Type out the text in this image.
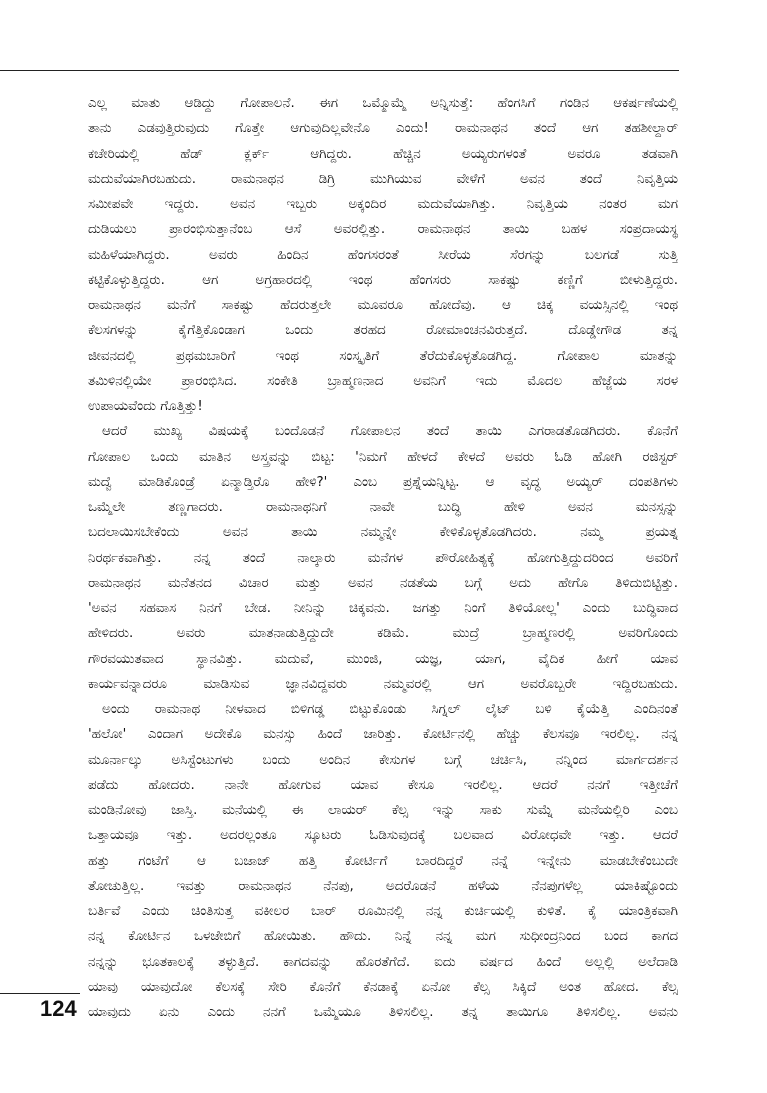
ಎಲ್ಲ ಮಾತು ಆಡಿದ್ದು ಗೋಪಾಲನೆ. ಈಗ ಒಮ್ಮೊಮ್ಮೆ ಅನ್ನಿಸುತ್ತೆ: ಹೆಂಗಸಿಗೆ ಗಂಡಿನ ಆಕರ್ಷಣೆಯಲ್ಲಿ
ತಾನು ಎಡವುತ್ತಿರುವುದು ಗೊತ್ತೇ ಆಗುವುದಿಲ್ಲವೇನೊ ಎಂದು! ರಾಮನಾಥನ ತಂದೆ ಆಗ ತಹಶೀಲ್ದಾರ್
ಕಚೇರಿಯಲ್ಲಿ ಹೆಡ್ ಕ್ಲರ್ಕ್ ಆಗಿದ್ದರು. ಹೆಚ್ಚಿನ ಅಯ್ಯರುಗಳಂತೆ ಅವರೂ ತಡವಾಗಿ
ಮದುವೆಯಾಗಿರಬಹುದು. ರಾಮನಾಥನ ಡಿಗ್ರಿ ಮುಗಿಯುವ ವೇಳೆಗೆ ಅವನ ತಂದೆ ನಿವೃತ್ತಿಯ
ಸಮೀಪವೇ ಇದ್ದರು. ಅವನ ಇಬ್ಬರು ಅಕ್ಕಂದಿರ ಮದುವೆಯಾಗಿತ್ತು. ನಿವೃತ್ತಿಯ ನಂತರ ಮಗ
ದುಡಿಯಲು ಪ್ರಾರಂಭಿಸುತ್ತಾನೆಂಬ ಆಸೆ ಅವರಲ್ಲಿತ್ತು. ರಾಮನಾಥನ ತಾಯಿ ಬಹಳ ಸಂಪ್ರದಾಯಸ್ಥ
ಮಹಿಳೆಯಾಗಿದ್ದರು. ಅವರು ಹಿಂದಿನ ಹೆಂಗಸರಂತೆ ಸೀರೆಯ ಸೆರಗನ್ನು ಬಲಗಡೆ ಸುತ್ತಿ
ಕಟ್ಟಿಕೊಳ್ಳುತ್ತಿದ್ದರು. ಆಗ ಅಗ್ರಹಾರದಲ್ಲಿ ಇಂಥ ಹೆಂಗಸರು ಸಾಕಷ್ಟು ಕಣ್ಣಿಗೆ ಬೀಳುತ್ತಿದ್ದರು.
ರಾಮನಾಥನ ಮನೆಗೆ ಸಾಕಷ್ಟು ಹೆದರುತ್ತಲೇ ಮೂವರೂ ಹೋದೆವು. ಆ ಚಿಕ್ಕ ವಯಸ್ಸಿನಲ್ಲಿ ಇಂಥ
ಕೆಲಸಗಳನ್ನು ಕೈಗೆತ್ತಿಕೊಂಡಾಗ ಒಂದು ತರಹದ ರೋಮಾಂಚನವಿರುತ್ತದೆ. ದೊಡ್ಡೇಗೌಡ ತನ್ನ
ಜೀವನದಲ್ಲಿ ಪ್ರಥಮಬಾರಿಗೆ ಇಂಥ ಸಂಸ್ಕೃತಿಗೆ ತೆರೆದುಕೊಳ್ಳತೊಡಗಿದ್ದ. ಗೋಪಾಲ ಮಾತನ್ನು
ತಮಿಳಿನಲ್ಲಿಯೇ ಪ್ರಾರಂಭಿಸಿದ. ಸಂಕೇತಿ ಬ್ರಾಹ್ಮಣನಾದ ಅವನಿಗೆ ಇದು ಮೊದಲ ಹೆಜ್ಜೆಯ ಸರಳ
ಉಪಾಯವೆಂದು ಗೊತ್ತಿತ್ತು!
ಆದರೆ ಮುಖ್ಯ ವಿಷಯಕ್ಕೆ ಬಂದೊಡನೆ ಗೋಪಾಲನ ತಂದೆ ತಾಯಿ ಎಗರಾಡತೊಡಗಿದರು. ಕೊನೆಗೆ
ಗೋಪಾಲ ಒಂದು ಮಾತಿನ ಅಸ್ತ್ರವನ್ನು ಬಿಟ್ಟ: 'ನಿಮಗೆ ಹೇಳದೆ ಕೇಳದೆ ಅವರು ಓಡಿ ಹೋಗಿ ರಜಿಸ್ಟರ್
ಮದ್ವೆ ಮಾಡಿಕೊಂಡ್ರೆ ಏನ್ಮಾಡ್ತಿರೊ ಹೇಳಿ?' ಎಂಬ ಪ್ರಶ್ನೆಯನ್ನಿಟ್ಟ. ಆ ವೃದ್ಧ ಅಯ್ಯರ್ ದಂಪತಿಗಳು
ಒಮ್ಮೆಲೇ ತಣ್ಣಗಾದರು. ರಾಮನಾಥನಿಗೆ ನಾವೇ ಬುದ್ಧಿ ಹೇಳಿ ಅವನ ಮನಸ್ಸನ್ನು
ಬದಲಾಯಿಸಬೇಕೆಂದು ಅವನ ತಾಯಿ ನಮ್ಮನ್ನೇ ಕೇಳಿಕೊಳ್ಳತೊಡಗಿದರು. ನಮ್ಮ ಪ್ರಯತ್ನ
ನಿರರ್ಥಕವಾಗಿತ್ತು. ನನ್ನ ತಂದೆ ನಾಲ್ಕಾರು ಮನೆಗಳ ಪೌರೋಹಿತ್ಯಕ್ಕೆ ಹೋಗುತ್ತಿದ್ದುದರಿಂದ ಅವರಿಗೆ
ರಾಮನಾಥನ ಮನೆತನದ ವಿಚಾರ ಮತ್ತು ಅವನ ನಡತೆಯ ಬಗ್ಗೆ ಅದು ಹೇಗೊ ತಿಳಿದುಬಿಟ್ಟಿತ್ತು.
'ಅವನ ಸಹವಾಸ ನಿನಗೆ ಬೇಡ. ನೀನಿನ್ನು ಚಿಕ್ಕವನು. ಜಗತ್ತು ನಿಂಗೆ ತಿಳಿಯೋಲ್ಲ' ಎಂದು ಬುದ್ಧಿವಾದ
ಹೇಳಿದರು. ಅವರು ಮಾತನಾಡುತ್ತಿದ್ದುದೇ ಕಡಿಮೆ. ಮುದ್ರೆ ಬ್ರಾಹ್ಮಣರಲ್ಲಿ ಅವರಿಗೊಂದು
ಗೌರವಯುತವಾದ ಸ್ಥಾನವಿತ್ತು. ಮದುವೆ, ಮುಂಜಿ, ಯಜ್ಞ, ಯಾಗ, ವೈದಿಕ ಹೀಗೆ ಯಾವ
ಕಾರ್ಯವನ್ನಾದರೂ ಮಾಡಿಸುವ ಜ್ಞಾನವಿದ್ದವರು ನಮ್ಮವರಲ್ಲಿ ಆಗ ಅವರೊಬ್ಬರೇ ಇದ್ದಿರಬಹುದು.
ಅಂದು ರಾಮನಾಥ ನೀಳವಾದ ಬಿಳಿಗಡ್ಡ ಬಿಟ್ಟುಕೊಂಡು ಸಿಗ್ನಲ್ ಲೈಟ್ ಬಳಿ ಕೈಯೆತ್ತಿ ಎಂದಿನಂತೆ
'ಹಲೋ' ಎಂದಾಗ ಅದೇಕೊ ಮನಸ್ಸು ಹಿಂದೆ ಜಾರಿತ್ತು. ಕೋರ್ಟಿನಲ್ಲಿ ಹೆಚ್ಚು ಕೆಲಸವೂ ಇರಲಿಲ್ಲ. ನನ್ನ
ಮೂರ್ನಾಲ್ಕು ಅಸಿಸ್ಟೆಂಟುಗಳು ಬಂದು ಅಂದಿನ ಕೇಸುಗಳ ಬಗ್ಗೆ ಚರ್ಚಿಸಿ, ನನ್ನಿಂದ ಮಾರ್ಗದರ್ಶನ
ಪಡೆದು ಹೋದರು. ನಾನೇ ಹೋಗುವ ಯಾವ ಕೇಸೂ ಇರಲಿಲ್ಲ. ಆದರೆ ನನಗೆ ಇತ್ತೀಚೆಗೆ
ಮಂಡಿನೋವು ಜಾಸ್ತಿ. ಮನೆಯಲ್ಲಿ ಈ ಲಾಯರ್ ಕೆಲ್ಸ ಇನ್ನು ಸಾಕು ಸುಮ್ನೆ ಮನೆಯಲ್ಲಿರಿ ಎಂಬ
ಒತ್ತಾಯವೂ ಇತ್ತು. ಅದರಲ್ಲಂತೂ ಸ್ಕೂಟರು ಓಡಿಸುವುದಕ್ಕೆ ಬಲವಾದ ವಿರೋಧವೇ ಇತ್ತು. ಆದರೆ
ಹತ್ತು ಗಂಟೆಗೆ ಆ ಬಜಾಜ್ ಹತ್ತಿ ಕೋರ್ಟಿಗೆ ಬಾರದಿದ್ದರೆ ನನ್ನೆ ಇನ್ನೇನು ಮಾಡಬೇಕೆಂಬುದೇ
ತೋಚುತ್ತಿಲ್ಲ. ಇವತ್ತು ರಾಮನಾಥನ ನೆನಪು, ಅದರೊಡನೆ ಹಳೆಯ ನೆನಪುಗಳೆಲ್ಲ ಯಾಕಿಷ್ಟೊಂದು
ಬರ್ತಿವೆ ಎಂದು ಚಿಂತಿಸುತ್ತ ವಕೀಲರ ಬಾರ್ ರೂಮಿನಲ್ಲಿ ನನ್ನ ಕುರ್ಚಿಯಲ್ಲಿ ಕುಳಿತೆ. ಕೈ ಯಾಂತ್ರಿಕವಾಗಿ
ನನ್ನ ಕೋರ್ಟಿನ ಒಳಜೇಬಿಗೆ ಹೋಯಿತು. ಹೌದು. ನಿನ್ನೆ ನನ್ನ ಮಗ ಸುಧೀಂದ್ರನಿಂದ ಬಂದ ಕಾಗದ
ನನ್ನನ್ನು ಭೂತಕಾಲಕ್ಕೆ ತಳ್ಳುತ್ತಿದೆ. ಕಾಗದವನ್ನು ಹೊರತೆಗೆದೆ. ಐದು ವರ್ಷದ ಹಿಂದೆ ಅಲ್ಲಲ್ಲಿ ಅಲೆದಾಡಿ
ಯಾವು ಯಾವುದೋ ಕೆಲಸಕ್ಕೆ ಸೇರಿ ಕೊನೆಗೆ ಕೆನಡಾಕ್ಕೆ ಏನೋ ಕೆಲ್ಸ ಸಿಕ್ಕಿದೆ ಅಂತ ಹೋದ. ಕೆಲ್ಸ
ಯಾವುದು ಏನು ಎಂದು ನನಗೆ ಒಮ್ಮೆಯೂ ತಿಳಿಸಲಿಲ್ಲ. ತನ್ನ ತಾಯಿಗೂ ತಿಳಿಸಲಿಲ್ಲ. ಅವನು
124
